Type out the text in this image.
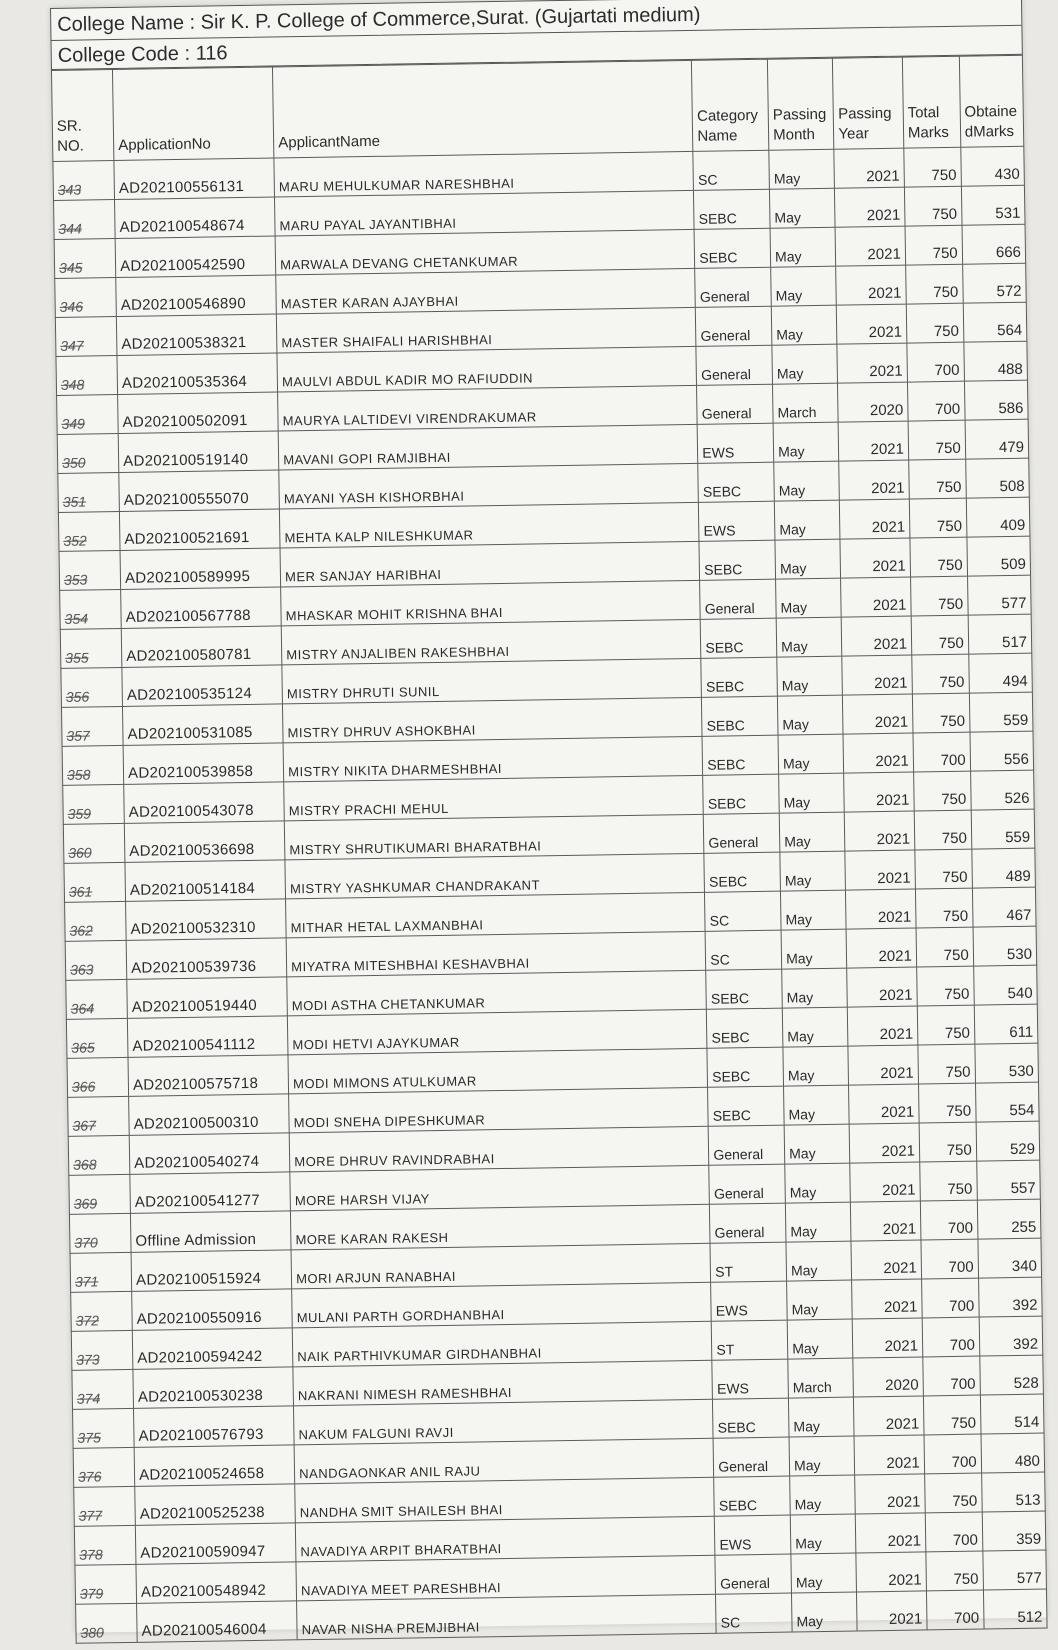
College Name : Sir K. P. College of Commerce,Surat. (Gujartati medium)
College Code : 116
SR. NO.	ApplicationNo	ApplicantName	Category Name	Passing Month	Passing Year	Total Marks	ObtainedMarks
343	AD202100556131	MARU MEHULKUMAR NARESHBHAI	SC	May	2021	750	430
344	AD202100548674	MARU PAYAL JAYANTIBHAI	SEBC	May	2021	750	531
345	AD202100542590	MARWALA DEVANG CHETANKUMAR	SEBC	May	2021	750	666
346	AD202100546890	MASTER KARAN AJAYBHAI	General	May	2021	750	572
347	AD202100538321	MASTER SHAIFALI HARISHBHAI	General	May	2021	750	564
348	AD202100535364	MAULVI ABDUL KADIR MO RAFIUDDIN	General	May	2021	700	488
349	AD202100502091	MAURYA LALTIDEVI VIRENDRAKUMAR	General	March	2020	700	586
350	AD202100519140	MAVANI GOPI RAMJIBHAI	EWS	May	2021	750	479
351	AD202100555070	MAYANI YASH KISHORBHAI	SEBC	May	2021	750	508
352	AD202100521691	MEHTA KALP NILESHKUMAR	EWS	May	2021	750	409
353	AD202100589995	MER SANJAY HARIBHAI	SEBC	May	2021	750	509
354	AD202100567788	MHASKAR MOHIT KRISHNA BHAI	General	May	2021	750	577
355	AD202100580781	MISTRY ANJALIBEN RAKESHBHAI	SEBC	May	2021	750	517
356	AD202100535124	MISTRY DHRUTI SUNIL	SEBC	May	2021	750	494
357	AD202100531085	MISTRY DHRUV ASHOKBHAI	SEBC	May	2021	750	559
358	AD202100539858	MISTRY NIKITA DHARMESHBHAI	SEBC	May	2021	700	556
359	AD202100543078	MISTRY PRACHI MEHUL	SEBC	May	2021	750	526
360	AD202100536698	MISTRY SHRUTIKUMARI BHARATBHAI	General	May	2021	750	559
361	AD202100514184	MISTRY YASHKUMAR CHANDRAKANT	SEBC	May	2021	750	489
362	AD202100532310	MITHAR HETAL LAXMANBHAI	SC	May	2021	750	467
363	AD202100539736	MIYATRA MITESHBHAI KESHAVBHAI	SC	May	2021	750	530
364	AD202100519440	MODI ASTHA CHETANKUMAR	SEBC	May	2021	750	540
365	AD202100541112	MODI HETVI AJAYKUMAR	SEBC	May	2021	750	611
366	AD202100575718	MODI MIMONS ATULKUMAR	SEBC	May	2021	750	530
367	AD202100500310	MODI SNEHA DIPESHKUMAR	SEBC	May	2021	750	554
368	AD202100540274	MORE DHRUV RAVINDRABHAI	General	May	2021	750	529
369	AD202100541277	MORE HARSH VIJAY	General	May	2021	750	557
370	Offline Admission	MORE KARAN RAKESH	General	May	2021	700	255
371	AD202100515924	MORI ARJUN RANABHAI	ST	May	2021	700	340
372	AD202100550916	MULANI PARTH GORDHANBHAI	EWS	May	2021	700	392
373	AD202100594242	NAIK PARTHIVKUMAR GIRDHANBHAI	ST	May	2021	700	392
374	AD202100530238	NAKRANI NIMESH RAMESHBHAI	EWS	March	2020	700	528
375	AD202100576793	NAKUM FALGUNI RAVJI	SEBC	May	2021	750	514
376	AD202100524658	NANDGAONKAR ANIL RAJU	General	May	2021	700	480
377	AD202100525238	NANDHA SMIT SHAILESH BHAI	SEBC	May	2021	750	513
378	AD202100590947	NAVADIYA ARPIT BHARATBHAI	EWS	May	2021	700	359
379	AD202100548942	NAVADIYA MEET PARESHBHAI	General	May	2021	750	577
380	AD202100546004	NAVAR NISHA PREMJIBHAI	SC	May	2021	700	512
